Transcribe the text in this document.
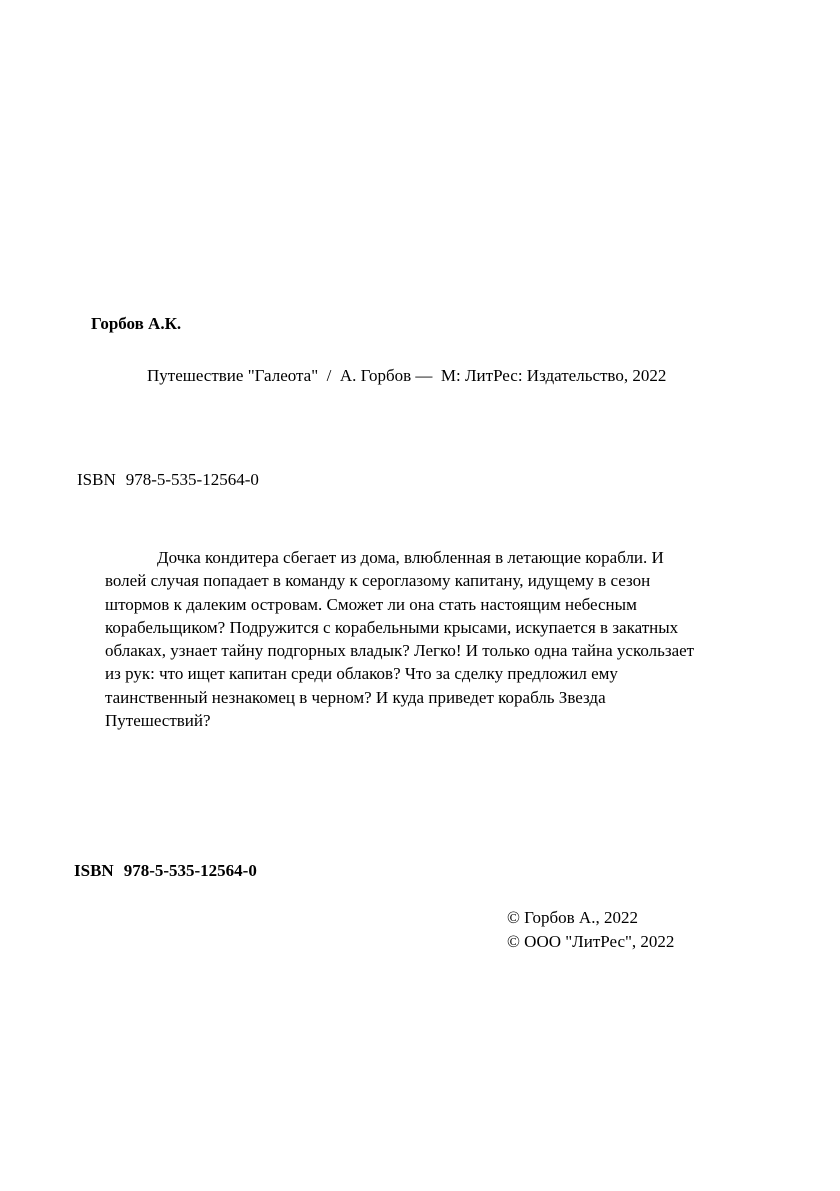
Горбов А.К.
Путешествие "Галеота"  /  А. Горбов —  М: ЛитРес: Издательство, 2022
ISBN 978-5-535-12564-0

Дочка кондитера сбегает из дома, влюбленная в летающие корабли. И волей случая попадает в команду к сероглазому капитану, идущему в сезон штормов к далеким островам. Сможет ли она стать настоящим небесным корабельщиком? Подружится с корабельными крысами, искупается в закатных облаках, узнает тайну подгорных владык? Легко! И только одна тайна ускользает из рук: что ищет капитан среди облаков? Что за сделку предложил ему таинственный незнакомец в черном? И куда приведет корабль Звезда Путешествий?

ISBN 978-5-535-12564-0
© Горбов А., 2022
© ООО "ЛитРес", 2022
